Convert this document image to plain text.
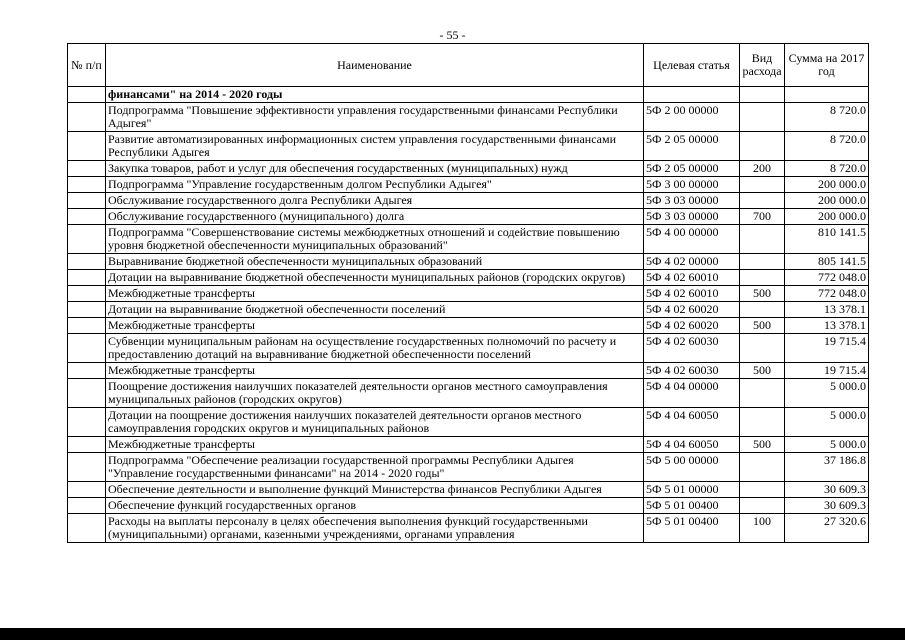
- 55 -
№ п/п	Наименование	Целевая статья	Вид расхода	Сумма на 2017 год
	финансами" на 2014 - 2020 годы			
	Подпрограмма "Повышение эффективности управления государственными финансами Республики Адыгея"	5Ф 2 00 00000		8 720.0
	Развитие автоматизированных информационных систем управления государственными финансами Республики Адыгея	5Ф 2 05 00000		8 720.0
	Закупка товаров, работ и услуг для обеспечения государственных (муниципальных) нужд	5Ф 2 05 00000	200	8 720.0
	Подпрограмма "Управление государственным долгом Республики Адыгея"	5Ф 3 00 00000		200 000.0
	Обслуживание государственного долга Республики Адыгея	5Ф 3 03 00000		200 000.0
	Обслуживание государственного (муниципального) долга	5Ф 3 03 00000	700	200 000.0
	Подпрограмма "Совершенствование системы межбюджетных отношений и содействие повышению уровня бюджетной обеспеченности муниципальных образований"	5Ф 4 00 00000		810 141.5
	Выравнивание бюджетной обеспеченности муниципальных образований	5Ф 4 02 00000		805 141.5
	Дотации на выравнивание бюджетной обеспеченности муниципальных районов (городских округов)	5Ф 4 02 60010		772 048.0
	Межбюджетные трансферты	5Ф 4 02 60010	500	772 048.0
	Дотации на выравнивание бюджетной обеспеченности поселений	5Ф 4 02 60020		13 378.1
	Межбюджетные трансферты	5Ф 4 02 60020	500	13 378.1
	Субвенции муниципальным районам на осуществление государственных полномочий по расчету и предоставлению дотаций на выравнивание бюджетной обеспеченности поселений	5Ф 4 02 60030		19 715.4
	Межбюджетные трансферты	5Ф 4 02 60030	500	19 715.4
	Поощрение достижения наилучших показателей деятельности органов местного самоуправления муниципальных районов (городских округов)	5Ф 4 04 00000		5 000.0
	Дотации на поощрение достижения наилучших показателей деятельности органов местного самоуправления городских округов и муниципальных районов	5Ф 4 04 60050		5 000.0
	Межбюджетные трансферты	5Ф 4 04 60050	500	5 000.0
	Подпрограмма "Обеспечение реализации государственной программы Республики Адыгея "Управление государственными финансами" на 2014 - 2020 годы"	5Ф 5 00 00000		37 186.8
	Обеспечение деятельности и выполнение функций Министерства финансов Республики Адыгея	5Ф 5 01 00000		30 609.3
	Обеспечение функций государственных органов	5Ф 5 01 00400		30 609.3
	Расходы на выплаты персоналу в целях обеспечения выполнения функций государственными (муниципальными) органами, казенными учреждениями, органами управления	5Ф 5 01 00400	100	27 320.6
